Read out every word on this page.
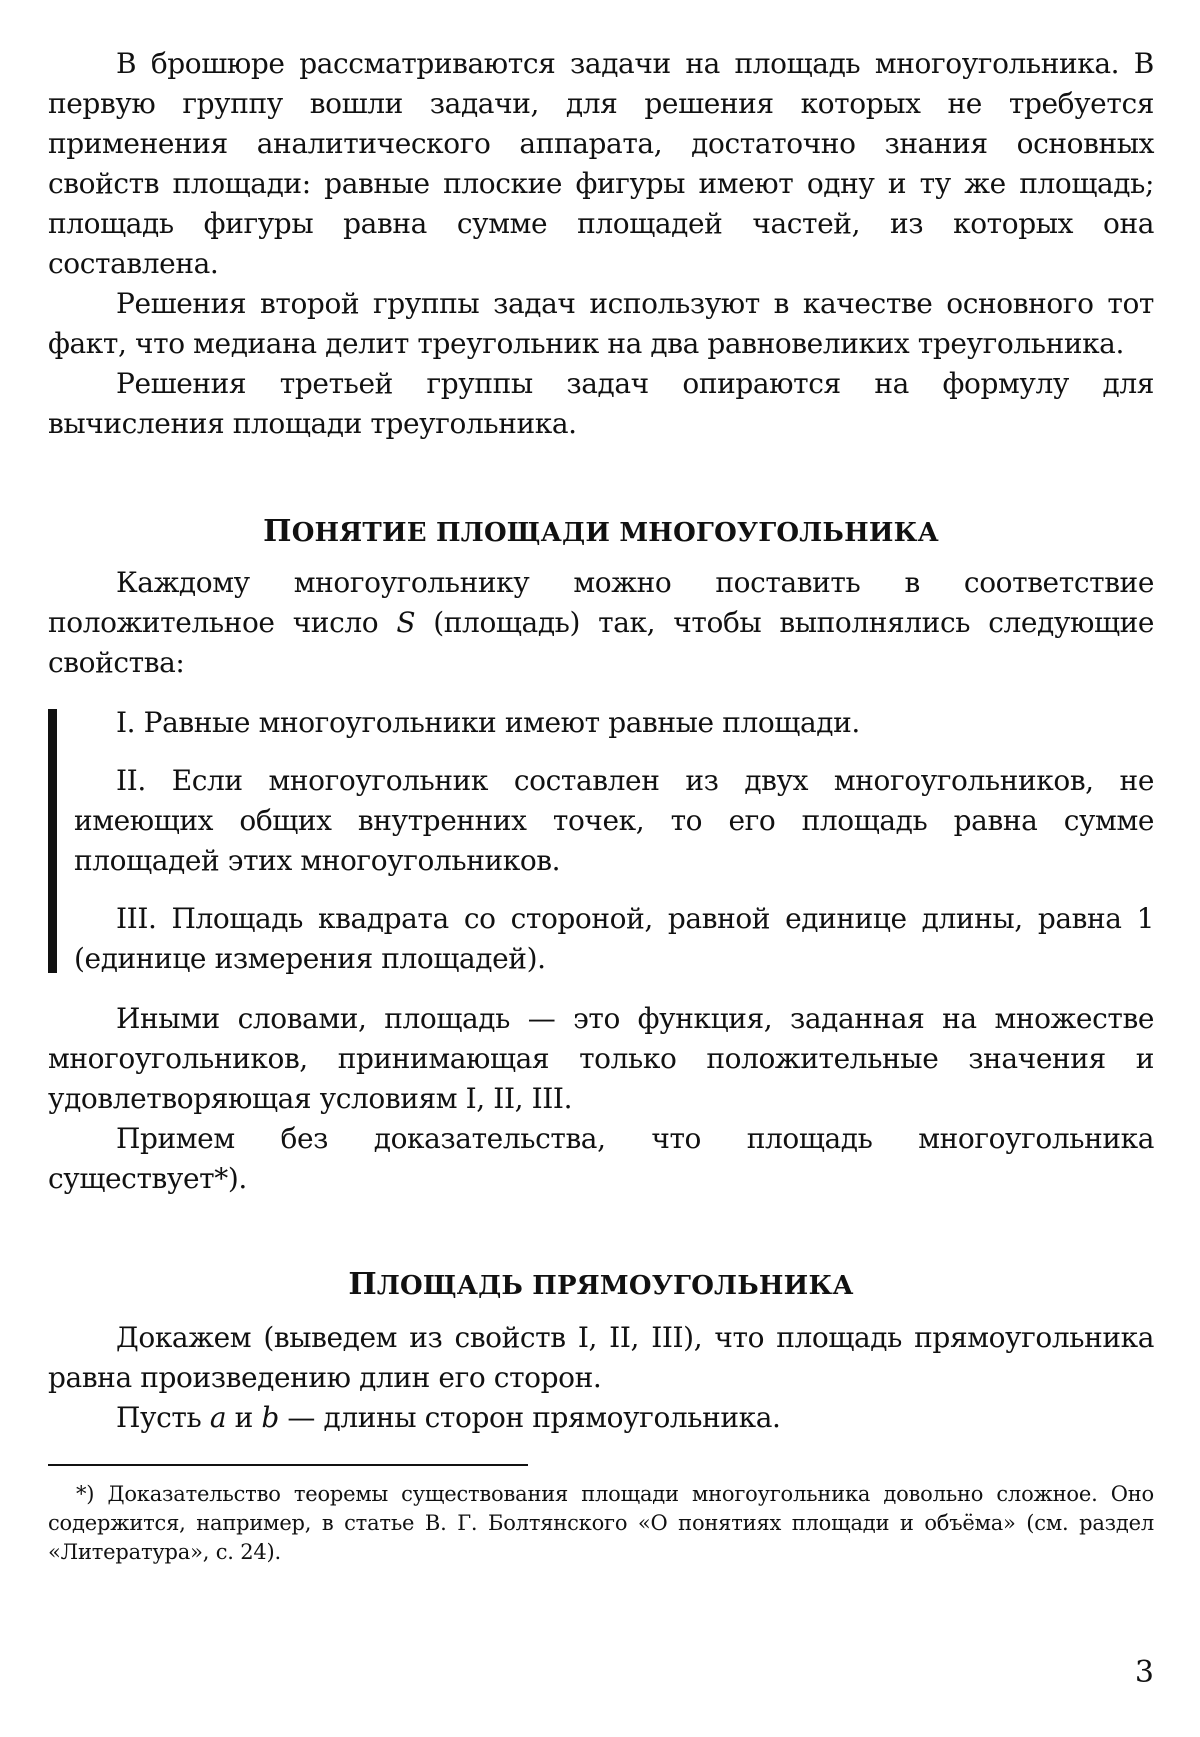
В брошюре рассматриваются задачи на площадь многоугольника. В первую группу вошли задачи, для решения которых не требуется применения аналитического аппарата, достаточно знания основных свойств площади: равные плоские фигуры имеют одну и ту же площадь; площадь фигуры равна сумме площадей частей, из которых она составлена.

Решения второй группы задач используют в качестве основного тот факт, что медиана делит треугольник на два равновеликих треугольника.

Решения третьей группы задач опираются на формулу для вычисления площади треугольника.

ПОНЯТИЕ ПЛОЩАДИ МНОГОУГОЛЬНИКА

Каждому многоугольнику можно поставить в соответствие положительное число S (площадь) так, чтобы выполнялись следующие свойства:

I. Равные многоугольники имеют равные площади.

II. Если многоугольник составлен из двух многоугольников, не имеющих общих внутренних точек, то его площадь равна сумме площадей этих многоугольников.

III. Площадь квадрата со стороной, равной единице длины, равна 1 (единице измерения площадей).

Иными словами, площадь — это функция, заданная на множестве многоугольников, принимающая только положительные значения и удовлетворяющая условиям I, II, III.

Примем без доказательства, что площадь многоугольника существует*).

ПЛОЩАДЬ ПРЯМОУГОЛЬНИКА

Докажем (выведем из свойств I, II, III), что площадь прямоугольника равна произведению длин его сторон.

Пусть a и b — длины сторон прямоугольника.

*) Доказательство теоремы существования площади многоугольника довольно сложное. Оно содержится, например, в статье В. Г. Болтянского «О понятиях площади и объёма» (см. раздел «Литература», с. 24).

3
